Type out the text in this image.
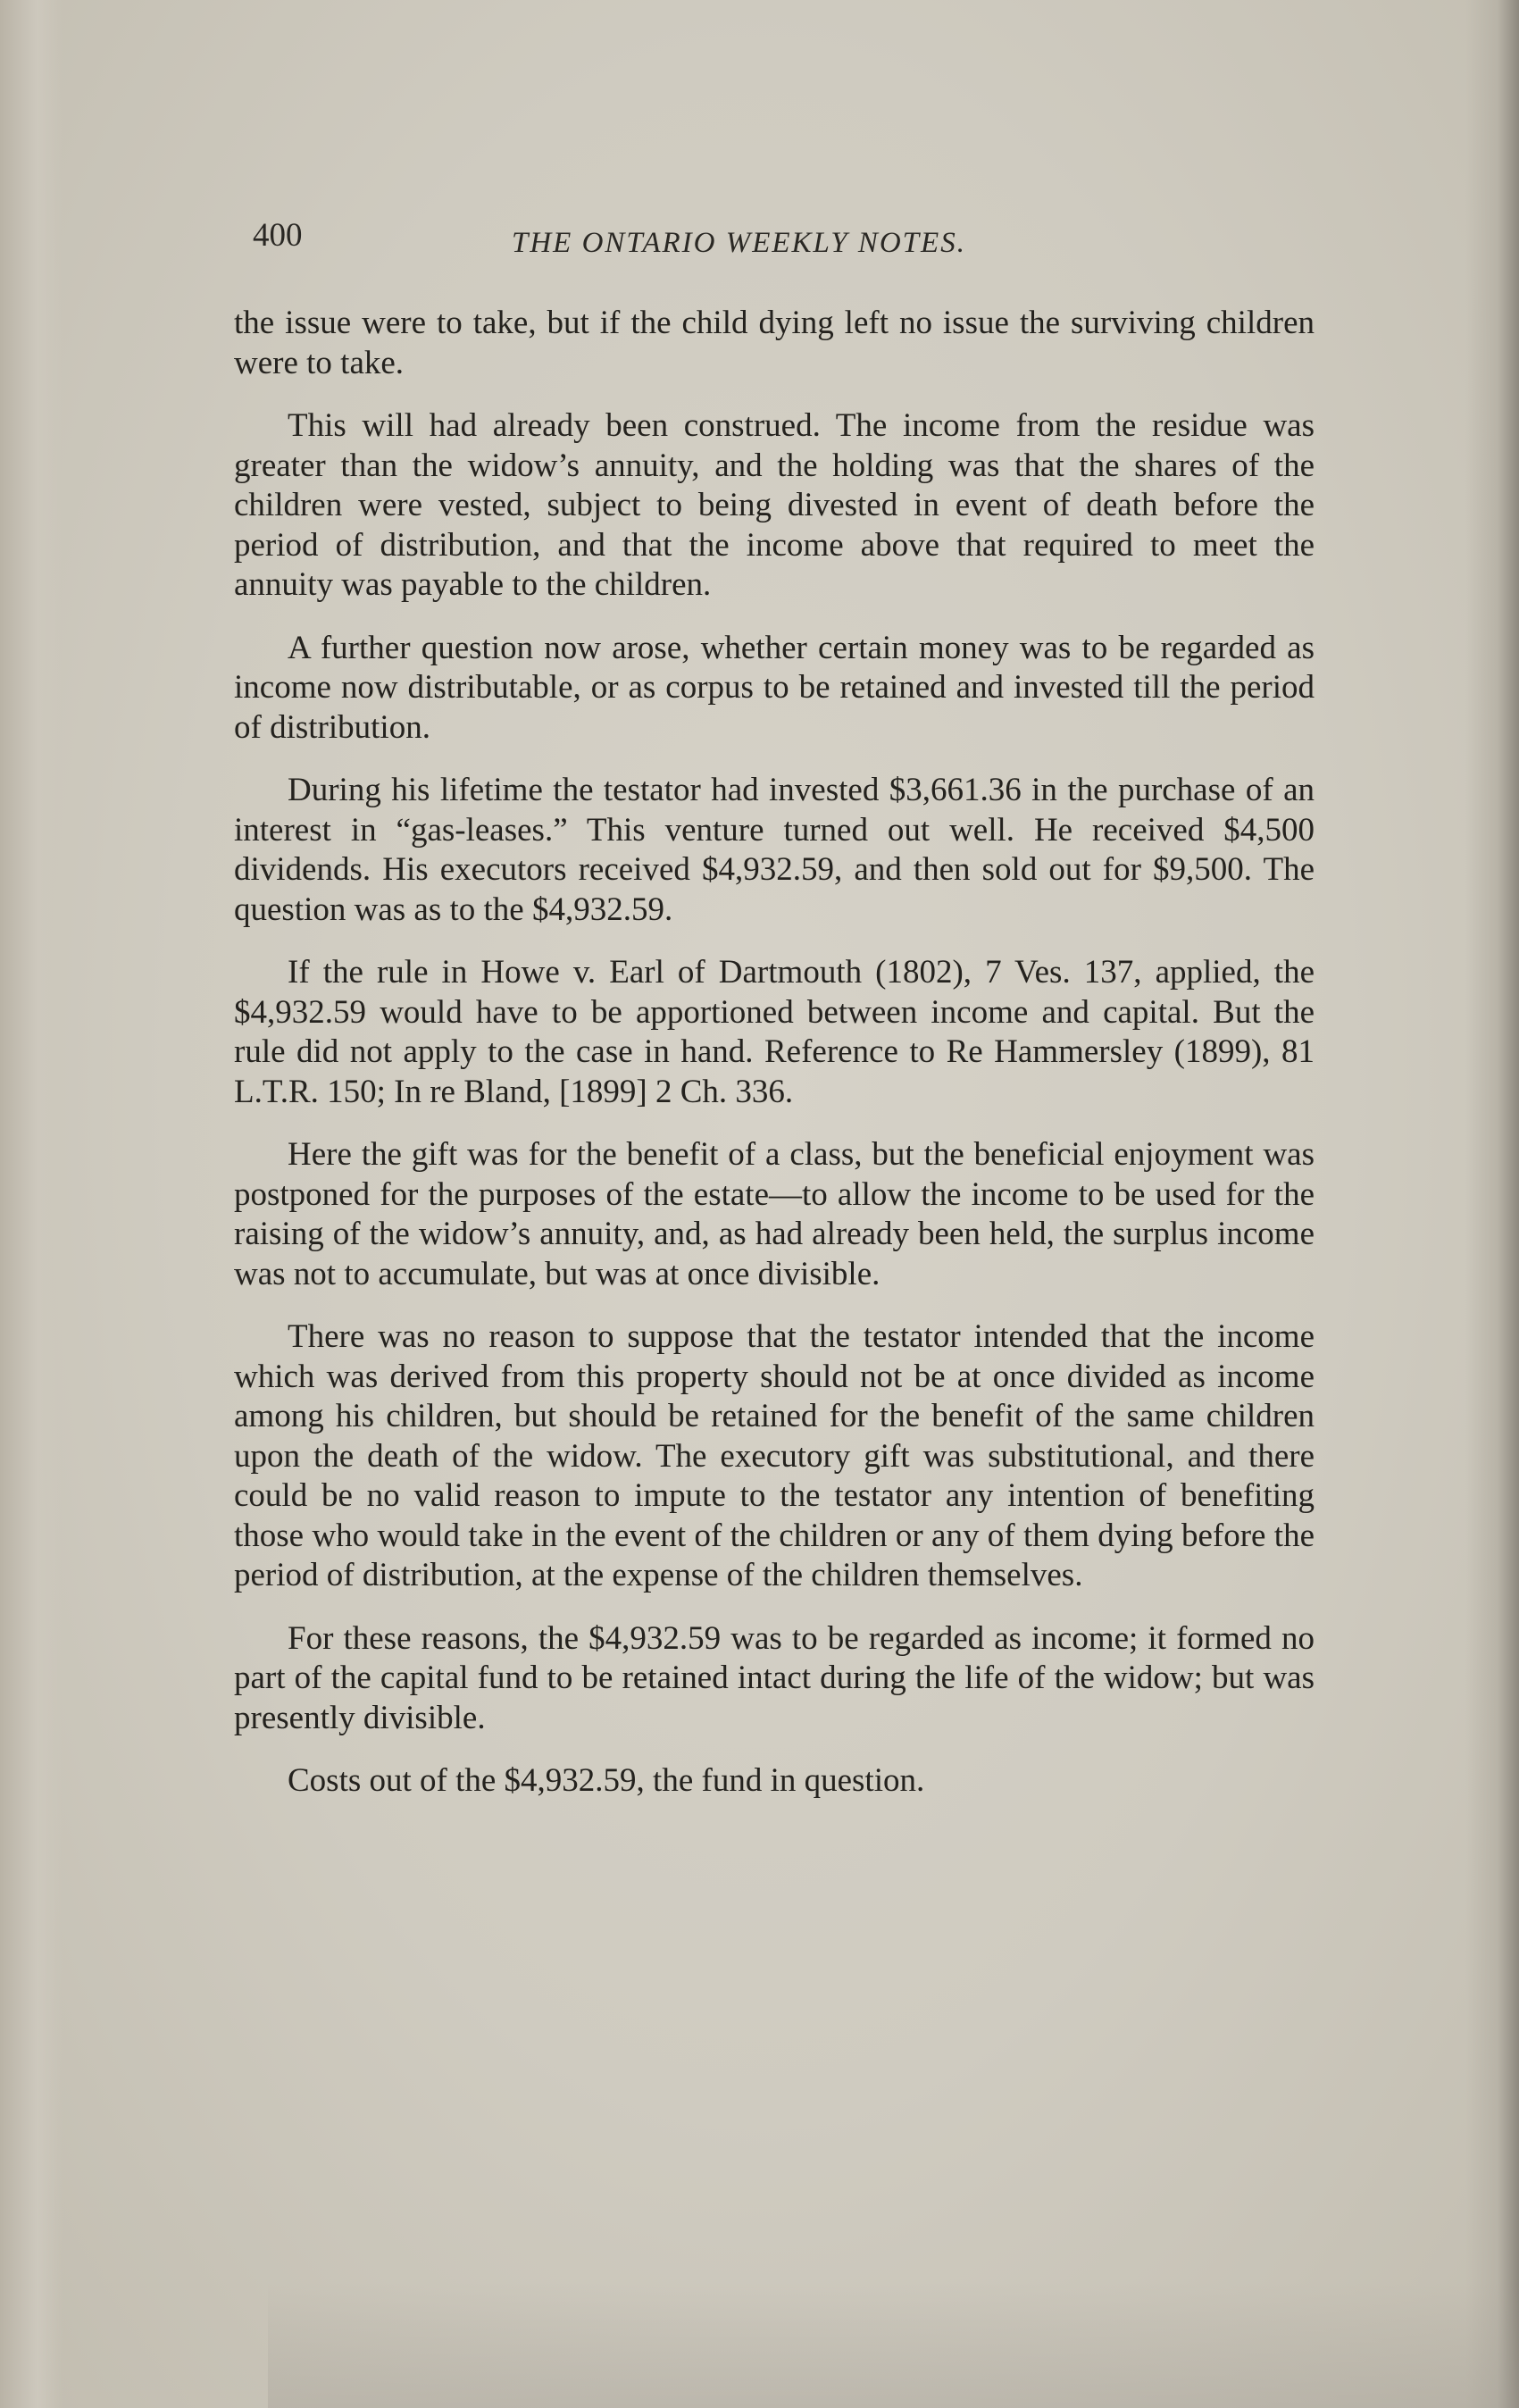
400	THE ONTARIO WEEKLY NOTES.

the issue were to take, but if the child dying left no issue the surviving children were to take.

This will had already been construed. The income from the residue was greater than the widow’s annuity, and the holding was that the shares of the children were vested, subject to being divested in event of death before the period of distribution, and that the income above that required to meet the annuity was payable to the children.

A further question now arose, whether certain money was to be regarded as income now distributable, or as corpus to be retained and invested till the period of distribution.

During his lifetime the testator had invested $3,661.36 in the purchase of an interest in “gas-leases.” This venture turned out well. He received $4,500 dividends. His executors received $4,932.59, and then sold out for $9,500. The question was as to the $4,932.59.

If the rule in Howe v. Earl of Dartmouth (1802), 7 Ves. 137, applied, the $4,932.59 would have to be apportioned between income and capital. But the rule did not apply to the case in hand. Reference to Re Hammersley (1899), 81 L.T.R. 150; In re Bland, [1899] 2 Ch. 336.

Here the gift was for the benefit of a class, but the beneficial enjoyment was postponed for the purposes of the estate—to allow the income to be used for the raising of the widow’s annuity, and, as had already been held, the surplus income was not to accumulate, but was at once divisible.

There was no reason to suppose that the testator intended that the income which was derived from this property should not be at once divided as income among his children, but should be retained for the benefit of the same children upon the death of the widow. The executory gift was substitutional, and there could be no valid reason to impute to the testator any intention of benefiting those who would take in the event of the children or any of them dying before the period of distribution, at the expense of the children themselves.

For these reasons, the $4,932.59 was to be regarded as income; it formed no part of the capital fund to be retained intact during the life of the widow; but was presently divisible.

Costs out of the $4,932.59, the fund in question.
